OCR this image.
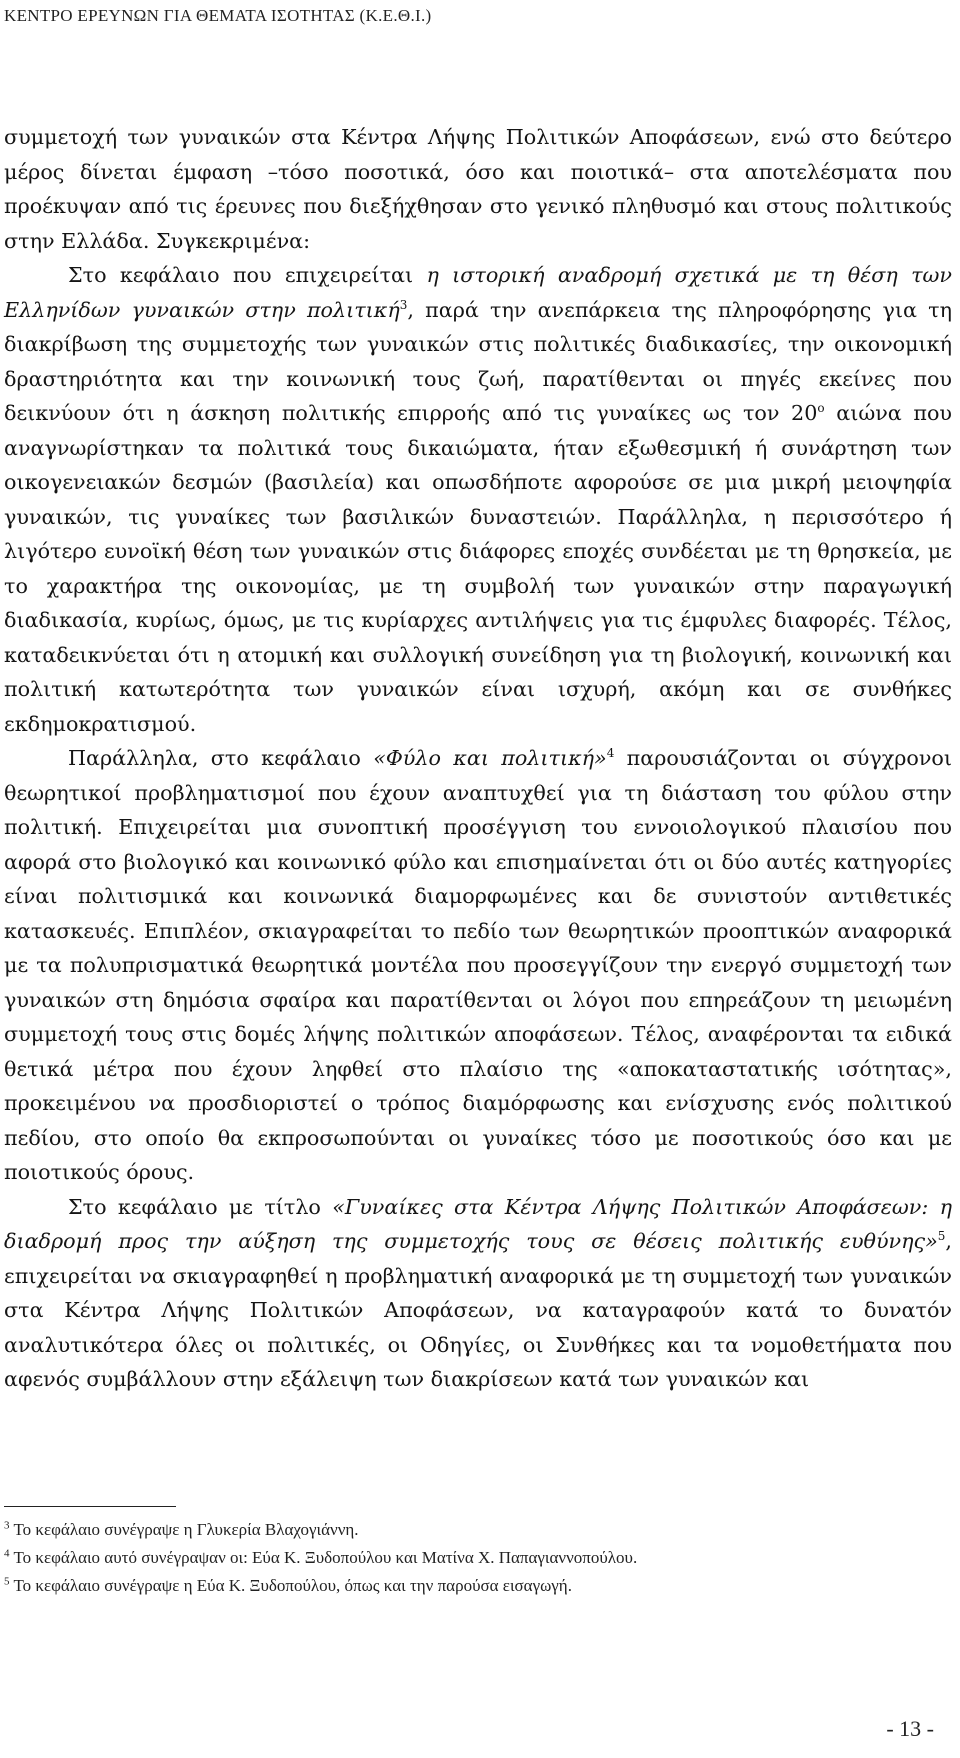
ΚΕΝΤΡΟ ΕΡΕΥΝΩΝ ΓΙΑ ΘΕΜΑΤΑ ΙΣΟΤΗΤΑΣ (Κ.Ε.Θ.Ι.)

συμμετοχή των γυναικών στα Κέντρα Λήψης Πολιτικών Αποφάσεων, ενώ στο δεύτερο μέρος δίνεται έμφαση –τόσο ποσοτικά, όσο και ποιοτικά– στα αποτελέσματα που προέκυψαν από τις έρευνες που διεξήχθησαν στο γενικό πληθυσμό και στους πολιτικούς στην Ελλάδα. Συγκεκριμένα:

Στο κεφάλαιο που επιχειρείται η ιστορική αναδρομή σχετικά με τη θέση των Ελληνίδων γυναικών στην πολιτική$^3$, παρά την ανεπάρκεια της πληροφόρησης για τη διακρίβωση της συμμετοχής των γυναικών στις πολιτικές διαδικασίες, την οικονομική δραστηριότητα και την κοινωνική τους ζωή, παρατίθενται οι πηγές εκείνες που δεικνύουν ότι η άσκηση πολιτικής επιρροής από τις γυναίκες ως τον $20^o$ αιώνα που αναγνωρίστηκαν τα πολιτικά τους δικαιώματα, ήταν εξωθεσμική ή συνάρτηση των οικογενειακών δεσμών (βασιλεία) και οπωσδήποτε αφορούσε σε μια μικρή μειοψηφία γυναικών, τις γυναίκες των βασιλικών δυναστειών. Παράλληλα, η περισσότερο ή λιγότερο ευνοϊκή θέση των γυναικών στις διάφορες εποχές συνδέεται με τη θρησκεία, με το χαρακτήρα της οικονομίας, με τη συμβολή των γυναικών στην παραγωγική διαδικασία, κυρίως, όμως, με τις κυρίαρχες αντιλήψεις για τις έμφυλες διαφορές. Τέλος, καταδεικνύεται ότι η ατομική και συλλογική συνείδηση για τη βιολογική, κοινωνική και πολιτική κατωτερότητα των γυναικών είναι ισχυρή, ακόμη και σε συνθήκες εκδημοκρατισμού.

Παράλληλα, στο κεφάλαιο «Φύλο και πολιτική»$^4$ παρουσιάζονται οι σύγχρονοι θεωρητικοί προβληματισμοί που έχουν αναπτυχθεί για τη διάσταση του φύλου στην πολιτική. Επιχειρείται μια συνοπτική προσέγγιση του εννοιολογικού πλαισίου που αφορά στο βιολογικό και κοινωνικό φύλο και επισημαίνεται ότι οι δύο αυτές κατηγορίες είναι πολιτισμικά και κοινωνικά διαμορφωμένες και δε συνιστούν αντιθετικές κατασκευές. Επιπλέον, σκιαγραφείται το πεδίο των θεωρητικών προοπτικών αναφορικά με τα πολυπρισματικά θεωρητικά μοντέλα που προσεγγίζουν την ενεργό συμμετοχή των γυναικών στη δημόσια σφαίρα και παρατίθενται οι λόγοι που επηρεάζουν τη μειωμένη συμμετοχή τους στις δομές λήψης πολιτικών αποφάσεων. Τέλος, αναφέρονται τα ειδικά θετικά μέτρα που έχουν ληφθεί στο πλαίσιο της «αποκαταστατικής ισότητας», προκειμένου να προσδιοριστεί ο τρόπος διαμόρφωσης και ενίσχυσης ενός πολιτικού πεδίου, στο οποίο θα εκπροσωπούνται οι γυναίκες τόσο με ποσοτικούς όσο και με ποιοτικούς όρους.

Στο κεφάλαιο με τίτλο «Γυναίκες στα Κέντρα Λήψης Πολιτικών Αποφάσεων: η διαδρομή προς την αύξηση της συμμετοχής τους σε θέσεις πολιτικής ευθύνης»$^5$, επιχειρείται να σκιαγραφηθεί η προβληματική αναφορικά με τη συμμετοχή των γυναικών στα Κέντρα Λήψης Πολιτικών Αποφάσεων, να καταγραφούν κατά το δυνατόν αναλυτικότερα όλες οι πολιτικές, οι Οδηγίες, οι Συνθήκες και τα νομοθετήματα που αφενός συμβάλλουν στην εξάλειψη των διακρίσεων κατά των γυναικών και

$^3$ Το κεφάλαιο συνέγραψε η Γλυκερία Βλαχογιάννη.
$^4$ Το κεφάλαιο αυτό συνέγραψαν οι: Εύα Κ. Ξυδοπούλου και Ματίνα Χ. Παπαγιαννοπούλου.
$^5$ Το κεφάλαιο συνέγραψε η Εύα Κ. Ξυδοπούλου, όπως και την παρούσα εισαγωγή.
- 13 -
